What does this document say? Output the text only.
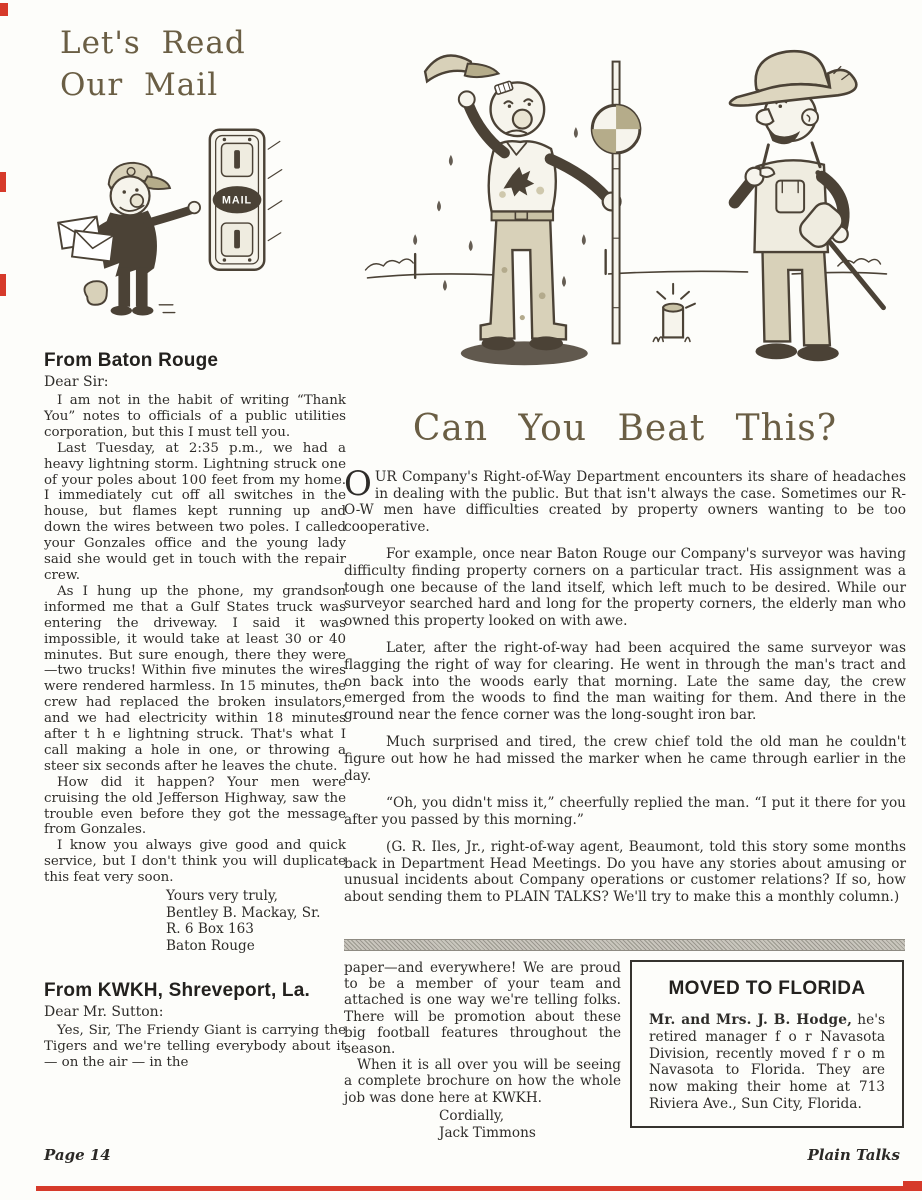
Let's Read
Our Mail
MAIL
From Baton Rouge

Dear Sir:

I am not in the habit of writing “Thank You” notes to officials of a public utilities corporation, but this I must tell you.

Last Tuesday, at 2:35 p.m., we had a heavy lightning storm. Lightning struck one of your poles about 100 feet from my home. I immediately cut off all switches in the house, but flames kept running up and down the wires between two poles. I called your Gonzales office and the young lady said she would get in touch with the repair crew.

As I hung up the phone, my grandson informed me that a Gulf States truck was entering the driveway. I said it was impossible, it would take at least 30 or 40 minutes. But sure enough, there they were—two trucks! Within five minutes the wires were rendered harmless. In 15 minutes, the crew had replaced the broken insulators, and we had electricity within 18 minutes after t h e lightning struck. That's what I call making a hole in one, or throwing a steer six seconds after he leaves the chute.

How did it happen? Your men were cruising the old Jefferson Highway, saw the trouble even before they got the message from Gonzales.

I know you always give good and quick service, but I don't think you will duplicate this feat very soon.

Yours very truly,
Bentley B. Mackay, Sr.
R. 6 Box 163
Baton Rouge
From KWKH, Shreveport, La.

Dear Mr. Sutton:

Yes, Sir, The Friendy Giant is carrying the Tigers and we're telling everybody about it — on the air — in the

Can You Beat This?

OUR Company's Right-of-Way Department encounters its share of headaches in dealing with the public. But that isn't always the case. Sometimes our R-O-W men have difficulties created by property owners wanting to be too cooperative.

For example, once near Baton Rouge our Company's surveyor was having difficulty finding property corners on a particular tract. His assignment was a tough one because of the land itself, which left much to be desired. While our surveyor searched hard and long for the property corners, the elderly man who owned this property looked on with awe.

Later, after the right-of-way had been acquired the same surveyor was flagging the right of way for clearing. He went in through the man's tract and on back into the woods early that morning. Late the same day, the crew emerged from the woods to find the man waiting for them. And there in the ground near the fence corner was the long-sought iron bar.

Much surprised and tired, the crew chief told the old man he couldn't figure out how he had missed the marker when he came through earlier in the day.

“Oh, you didn't miss it,” cheerfully replied the man. “I put it there for you after you passed by this morning.”

(G. R. Iles, Jr., right-of-way agent, Beaumont, told this story some months back in Department Head Meetings. Do you have any stories about amusing or unusual incidents about Company operations or customer relations? If so, how about sending them to PLAIN TALKS? We'll try to make this a monthly column.)

paper—and everywhere! We are proud to be a member of your team and attached is one way we're telling folks. There will be promotion about these big football features throughout the season.

When it is all over you will be seeing a complete brochure on how the whole job was done here at KWKH.

Cordially,
Jack Timmons
MOVED TO FLORIDA

Mr. and Mrs. J. B. Hodge, he's retired manager f o r Navasota Division, recently moved f r o m Navasota to Florida. They are now making their home at 713 Riviera Ave., Sun City, Florida.

Page 14	Plain Talks
